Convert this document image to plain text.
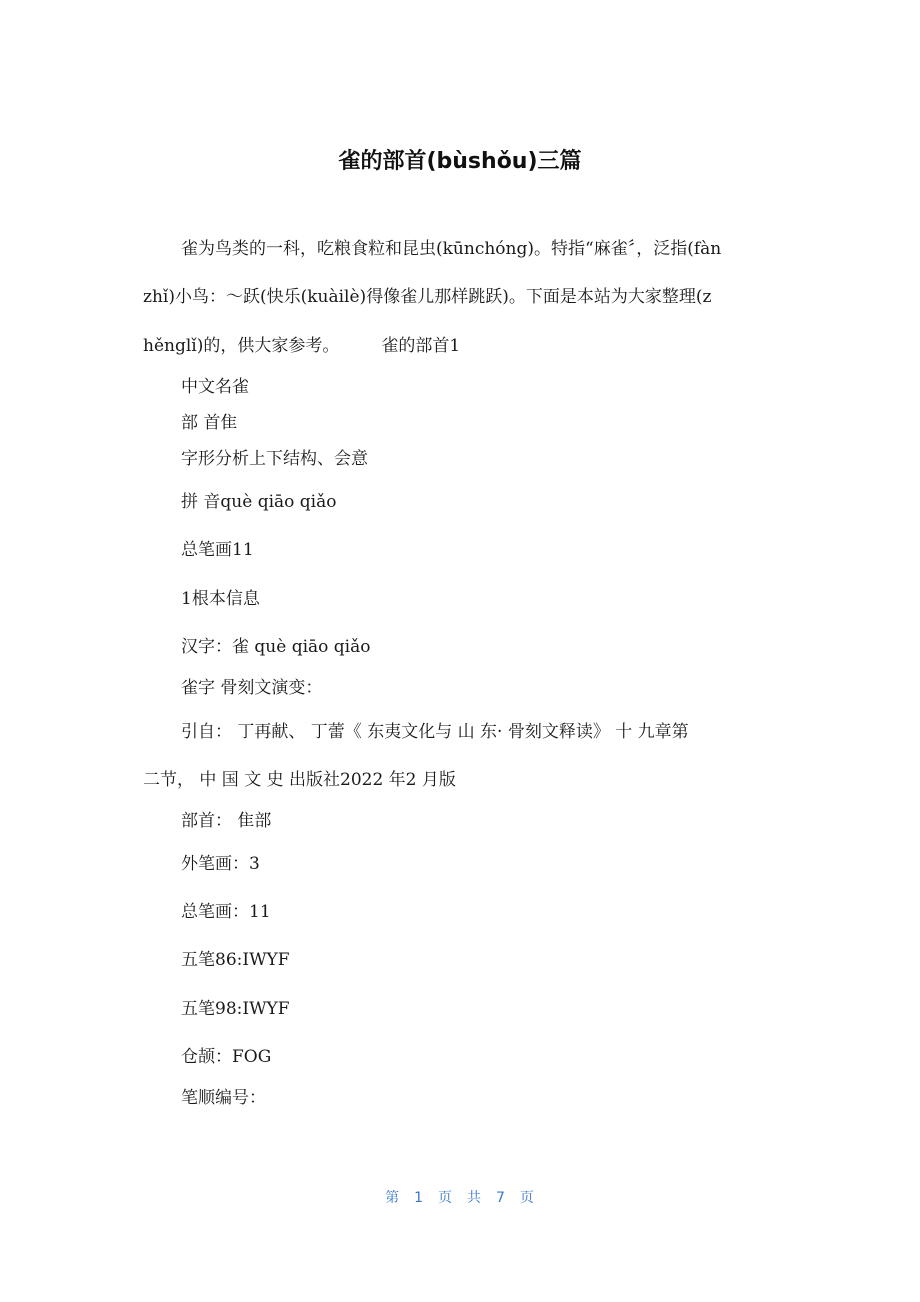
雀的部首(bùshǒu)三篇
雀为鸟类的一科，吃粮食粒和昆虫(kūnchóng)。特指“麻雀〞，泛指(fàn
zhǐ)小鸟：～跃(快乐(kuàilè)得像雀儿那样跳跃)。下面是本站为大家整理(z
hěnglǐ)的，供大家参考。 雀的部首1
中文名雀
部 首隹
字形分析上下结构、会意
拼 音què qiāo qiǎo
总笔画11
1根本信息
汉字：雀 què qiāo qiǎo
雀字 骨刻文演变：
引自： 丁再献、 丁蕾《 东夷文化与 山 东· 骨刻文释读》 十 九章第
二节， 中 国 文 史 出版社2022 年2 月版
部首： 隹部
外笔画：3
总笔画：11
五笔86:IWYF
五笔98:IWYF
仓颉：FOG
笔顺编号：
第 1 页 共 7 页
